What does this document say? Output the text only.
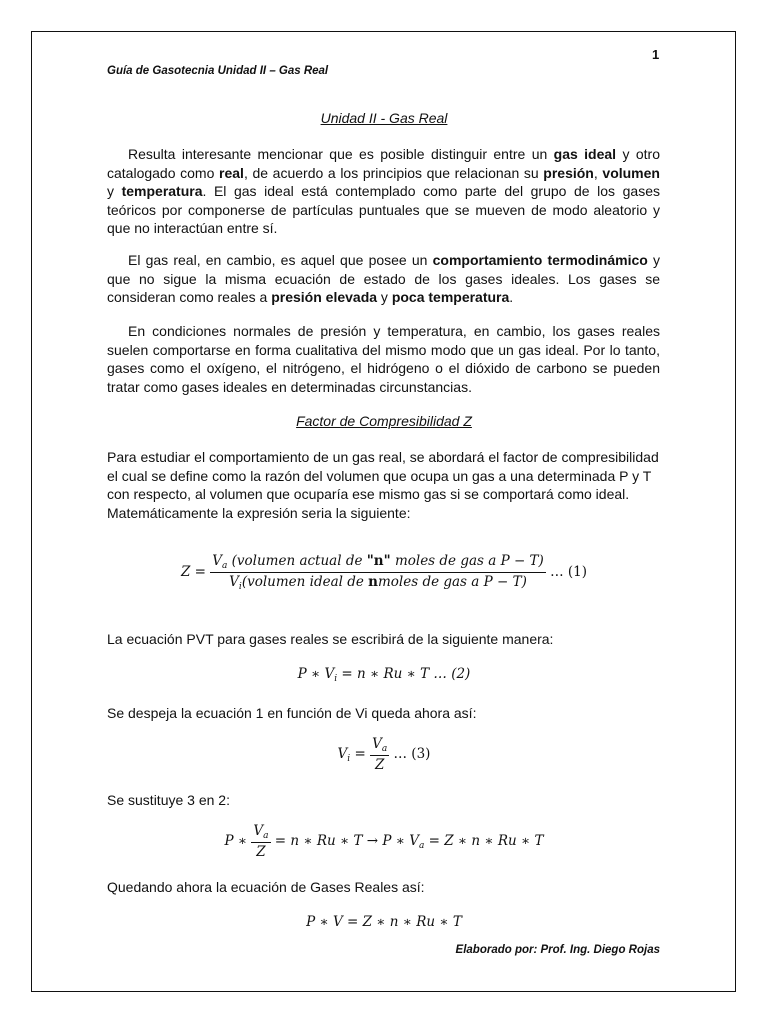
1
Guía de Gasotecnia Unidad II – Gas Real
Unidad II - Gas Real

Resulta interesante mencionar que es posible distinguir entre un gas ideal y otro catalogado como real, de acuerdo a los principios que relacionan su presión, volumen y temperatura. El gas ideal está contemplado como parte del grupo de los gases teóricos por componerse de partículas puntuales que se mueven de modo aleatorio y que no interactúan entre sí.

El gas real, en cambio, es aquel que posee un comportamiento termodinámico y que no sigue la misma ecuación de estado de los gases ideales. Los gases se consideran como reales a presión elevada y poca temperatura.

En condiciones normales de presión y temperatura, en cambio, los gases reales suelen comportarse en forma cualitativa del mismo modo que un gas ideal. Por lo tanto, gases como el oxígeno, el nitrógeno, el hidrógeno o el dióxido de carbono se pueden tratar como gases ideales en determinadas circunstancias.

Factor de Compresibilidad Z

Para estudiar el comportamiento de un gas real, se abordará el factor de compresibilidad el cual se define como la razón del volumen que ocupa un gas a una determinada P y T con respecto, al volumen que ocuparía ese mismo gas si se comportará como ideal. Matemáticamente la expresión seria la siguiente:

$Z = \frac{V_a (volumen actual de "n" moles de gas a P - T)}{V_i(volumen ideal de nmoles de gas a P - T)}$ … (1)

La ecuación PVT para gases reales se escribirá de la siguiente manera:

P ∗ $V_i = n$ ∗ Ru ∗ T … (2)

Se despeja la ecuación 1 en función de Vi queda ahora así:

$V_i = \frac{V_a}{Z}$ … (3)

Se sustituye 3 en 2:

P ∗ $\frac{V_a}{Z} = n$ ∗ Ru ∗ T → P ∗ $V_a = Z$ ∗ n ∗ Ru ∗ T

Quedando ahora la ecuación de Gases Reales así:

P ∗ V = Z ∗ n ∗ Ru ∗ T
Elaborado por: Prof. Ing. Diego Rojas
